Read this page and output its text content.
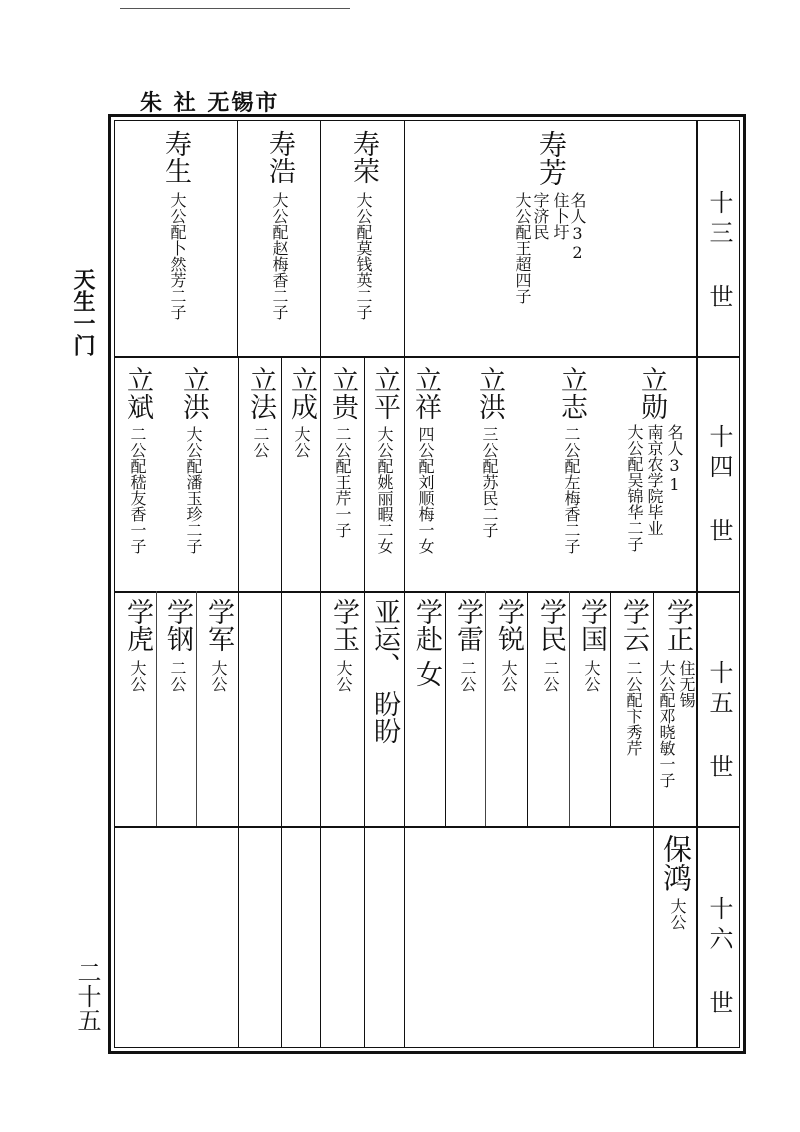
朱 社 无锡市
天生一门
二十五
十三 世
十四 世
十五 世
十六 世
寿芳
名人32
住卜圩
字济民
大公配王超四子
寿荣
大公配莫钱英二子
寿浩
大公配赵梅香二子
寿生
大公配卜然芳二子
立勋
名人31
南京农学院毕业
大公配吴锦华二子
立志
二公配左梅香二子
立洪
三公配苏民二子
立祥
四公配刘顺梅一女
立平
大公配姚丽暇二女
立贵
二公配王芹一子
立成
大公
立法
二公
立洪
大公配潘玉珍二子
立斌
二公配嵇友香一子
学正
住无锡
大公配邓晓敏一子
学云
二公配卞秀芹
学国
大公
学民
二公
学锐
大公
学雷
二公
学赴
女
亚运、
盼盼
学玉
大公
学军
大公
学钢
二公
学虎
大公
保鸿
大公
